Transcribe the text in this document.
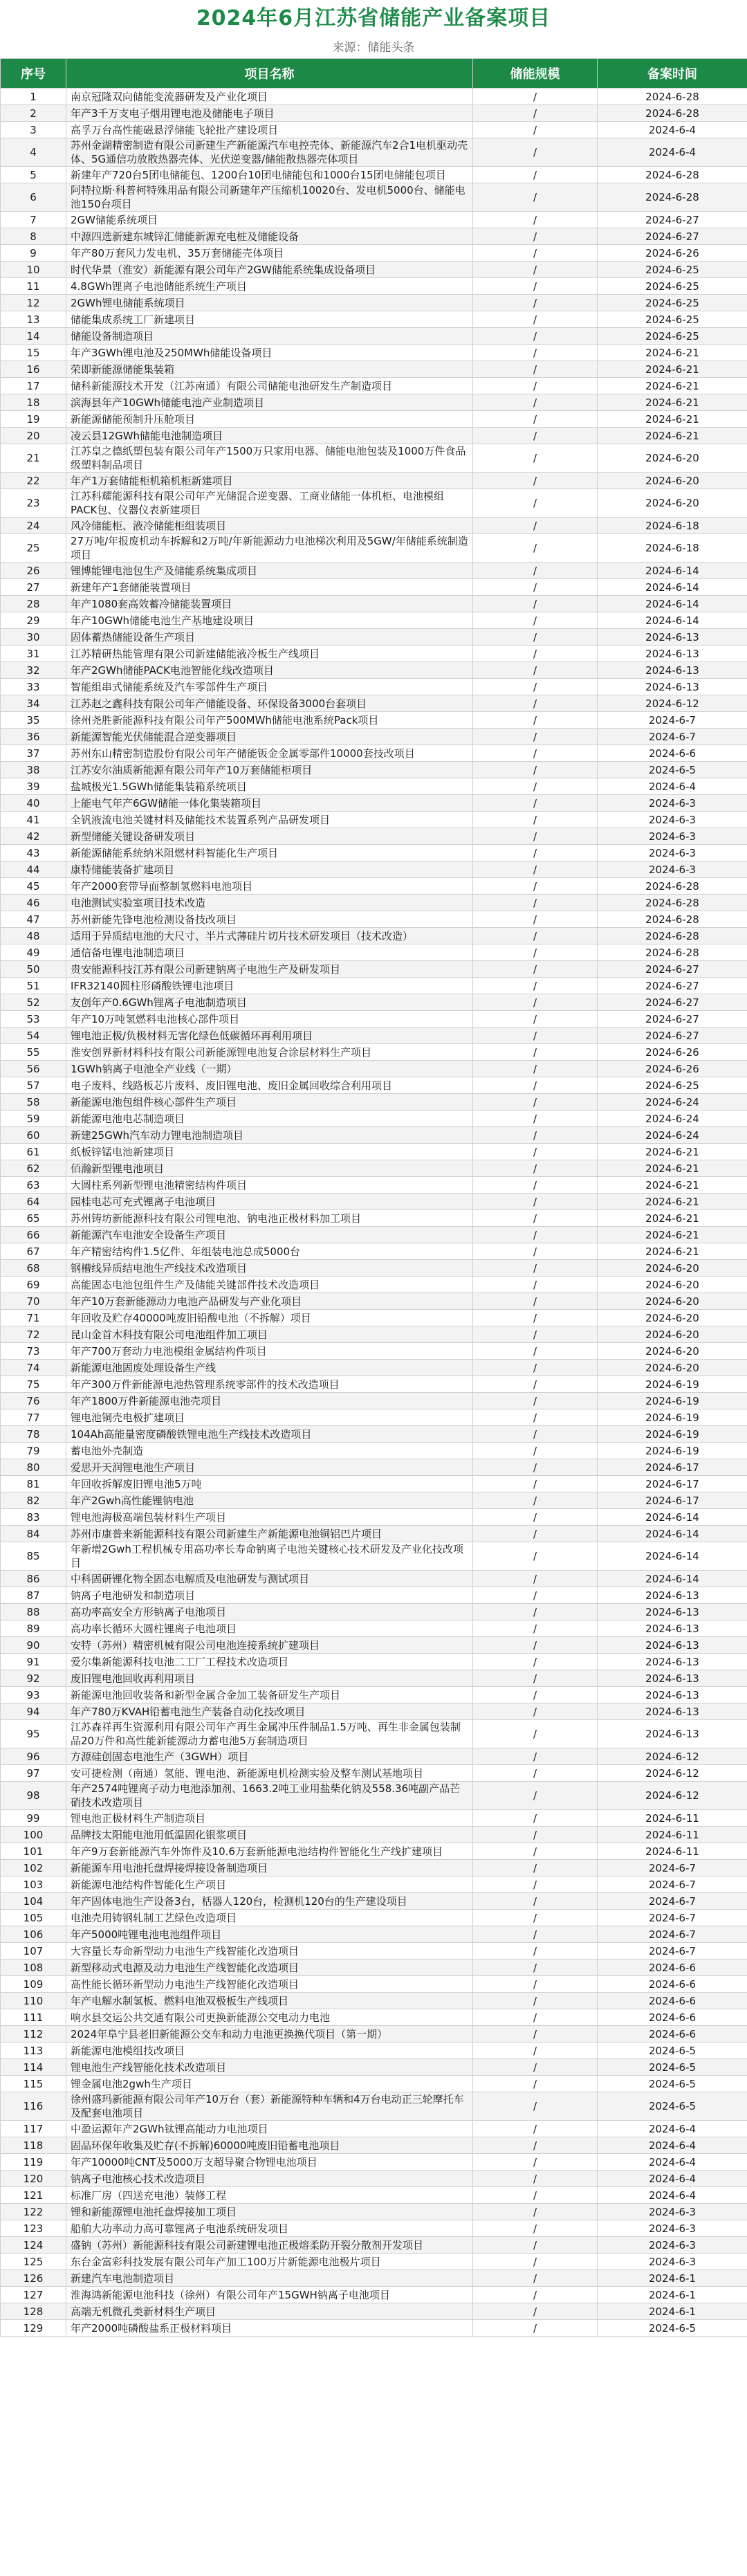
2024年6月江苏省储能产业备案项目
来源：储能头条
序号	项目名称	储能规模	备案时间
1	南京冠隆双向储能变流器研发及产业化项目	/	2024-6-28
2	年产3千万支电子烟用锂电池及储能电子项目	/	2024-6-28
3	高孚万台高性能磁悬浮储能飞轮批产建设项目	/	2024-6-4
4	苏州金湖精密制造有限公司新建生产新能源汽车电控壳体、新能源汽车2合1电机驱动壳体、5G通信功放散热器壳体、光伏逆变器/储能散热器壳体项目	/	2024-6-4
5	新建年产720台5团电储能包、1200台10团电储能包和1000台15团电储能包项目	/	2024-6-28
6	阿特拉斯·科普柯特殊用品有限公司新建年产压缩机10020台、发电机5000台、储能电池150台项目	/	2024-6-28
7	2GW储能系统项目	/	2024-6-27
8	中源四选新建东城锌汇储能新源充电桩及储能设备	/	2024-6-27
9	年产80万套风力发电机、35万套储能壳体项目	/	2024-6-26
10	时代华景（淮安）新能源有限公司年产2GW储能系统集成设备项目	/	2024-6-25
11	4.8GWh锂离子电池储能系统生产项目	/	2024-6-25
12	2GWh锂电储能系统项目	/	2024-6-25
13	储能集成系统工厂新建项目	/	2024-6-25
14	储能设备制造项目	/	2024-6-25
15	年产3GWh锂电池及250MWh储能设备项目	/	2024-6-21
16	荣即新能源储能集装箱	/	2024-6-21
17	储科新能源技术开发（江苏南通）有限公司储能电池研发生产制造项目	/	2024-6-21
18	滨海县年产10GWh储能电池产业制造项目	/	2024-6-21
19	新能源储能预制升压舱项目	/	2024-6-21
20	凌云县12GWh储能电池制造项目	/	2024-6-21
21	江苏皇之德纸塑包装有限公司年产1500万只家用电器、储能电池包装及1000万件食品级塑料制品项目	/	2024-6-20
22	年产1万套储能柜机箱机柜新建项目	/	2024-6-20
23	江苏科耀能源科技有限公司年产光储混合逆变器、工商业储能一体机柜、电池模组PACK包、仪器仪表新建项目	/	2024-6-20
24	风冷储能柜、液冷储能柜组装项目	/	2024-6-18
25	27万吨/年报废机动车拆解和2万吨/年新能源动力电池梯次利用及5GW/年储能系统制造项目	/	2024-6-18
26	锂博能锂电池包生产及储能系统集成项目	/	2024-6-14
27	新建年产1套储能装置项目	/	2024-6-14
28	年产1080套高效蓄冷储能装置项目	/	2024-6-14
29	年产10GWh储能电池生产基地建设项目	/	2024-6-14
30	固体蓄热储能设备生产项目	/	2024-6-13
31	江苏精研热能管理有限公司新建储能液冷板生产线项目	/	2024-6-13
32	年产2GWh储能PACK电池智能化线改造项目	/	2024-6-13
33	智能组串式储能系统及汽车零部件生产项目	/	2024-6-13
34	江苏赵之鑫科技有限公司年产储能设备、环保设备3000台套项目	/	2024-6-12
35	徐州尧胜新能源科技有限公司年产500MWh储能电池系统Pack项目	/	2024-6-7
36	新能源智能光伏储能混合逆变器项目	/	2024-6-7
37	苏州东山精密制造股份有限公司年产储能钣金金属零部件10000套技改项目	/	2024-6-6
38	江苏安尔油质新能源有限公司年产10万套储能柜项目	/	2024-6-5
39	盐城极光1.5GWh储能集装箱系统项目	/	2024-6-4
40	上能电气年产6GW储能一体化集装箱项目	/	2024-6-3
41	全钒液流电池关键材料及储能技术装置系列产品研发项目	/	2024-6-3
42	新型储能关键设备研发项目	/	2024-6-3
43	新能源储能系统纳米阻燃材料智能化生产项目	/	2024-6-3
44	康特储能装备扩建项目	/	2024-6-3
45	年产2000套带导面整制氢燃料电池项目	/	2024-6-28
46	电池测试实验室项目技术改造	/	2024-6-28
47	苏州新能先锋电池检测设备技改项目	/	2024-6-28
48	适用于异质结电池的大尺寸、半片式薄硅片切片技术研发项目（技术改造）	/	2024-6-28
49	通信备电锂电池制造项目	/	2024-6-28
50	贵安能源科技江苏有限公司新建钠离子电池生产及研发项目	/	2024-6-27
51	IFR32140圆柱形磷酸铁锂电池项目	/	2024-6-27
52	友创年产0.6GWh锂离子电池制造项目	/	2024-6-27
53	年产10万吨氢燃料电池核心部件项目	/	2024-6-27
54	锂电池正极/负极材料无害化绿色低碳循环再利用项目	/	2024-6-27
55	淮安创界新材料科技有限公司新能源锂电池复合涂层材料生产项目	/	2024-6-26
56	1GWh钠离子电池全产业线（一期）	/	2024-6-26
57	电子废料、线路板芯片废料、废旧锂电池、废旧金属回收综合利用项目	/	2024-6-25
58	新能源电池包组件核心部件生产项目	/	2024-6-24
59	新能源电池电芯制造项目	/	2024-6-24
60	新建25GWh汽车动力锂电池制造项目	/	2024-6-24
61	纸板锌锰电池新建项目	/	2024-6-21
62	佰瀚新型锂电池项目	/	2024-6-21
63	大圆柱系列新型锂电池精密结构件项目	/	2024-6-21
64	园桂电芯可充式锂离子电池项目	/	2024-6-21
65	苏州铸坊新能源科技有限公司锂电池、钠电池正极材料加工项目	/	2024-6-21
66	新能源汽车电池安全设备生产项目	/	2024-6-21
67	年产精密结构件1.5亿件、年组装电池总成5000台	/	2024-6-21
68	钢槽线异质结电池生产线技术改造项目	/	2024-6-20
69	高能固态电池包组件生产及储能关键部件技术改造项目	/	2024-6-20
70	年产10万套新能源动力电池产品研发与产业化项目	/	2024-6-20
71	年回收及贮存40000吨废旧铅酸电池（不拆解）项目	/	2024-6-20
72	昆山金首木科技有限公司电池组件加工项目	/	2024-6-20
73	年产700万套动力电池模组金属结构件项目	/	2024-6-20
74	新能源电池固废处理设备生产线	/	2024-6-20
75	年产300万件新能源电池热管理系统零部件的技术改造项目	/	2024-6-19
76	年产1800万件新能源电池壳项目	/	2024-6-19
77	锂电池铜壳电极扩建项目	/	2024-6-19
78	104Ah高能量密度磷酸铁锂电池生产线技术改造项目	/	2024-6-19
79	蓄电池外壳制造	/	2024-6-19
80	爱思开天润锂电池生产项目	/	2024-6-17
81	年回收拆解废旧锂电池5万吨	/	2024-6-17
82	年产2Gwh高性能锂钠电池	/	2024-6-17
83	锂电池海极高端包装材料生产项目	/	2024-6-14
84	苏州市康普来新能源科技有限公司新建生产新能源电池铜铝巴片项目	/	2024-6-14
85	年新增2Gwh工程机械专用高功率长寿命钠离子电池关键核心技术研发及产业化技改项目	/	2024-6-14
86	中科固研锂化物全固态电解质及电池研发与测试项目	/	2024-6-14
87	钠离子电池研发和制造项目	/	2024-6-13
88	高功率高安全方形钠离子电池项目	/	2024-6-13
89	高功率长循环大圆柱锂离子电池项目	/	2024-6-13
90	安特（苏州）精密机械有限公司电池连接系统扩建项目	/	2024-6-13
91	爱尔集新能源科技电池二工厂工程技术改造项目	/	2024-6-13
92	废旧锂电池回收再利用项目	/	2024-6-13
93	新能源电池回收装备和新型金属合金加工装备研发生产项目	/	2024-6-13
94	年产780万KVAH铅蓄电池生产装备自动化技改项目	/	2024-6-13
95	江苏森祥再生资源利用有限公司年产再生金属冲压件制品1.5万吨、再生非金属包装制品20万件和高性能新能源动力蓄电池5万套制造项目	/	2024-6-13
96	方源硅创固态电池生产（3GWH）项目	/	2024-6-12
97	安可捷检测（南通）氢能、锂电池、新能源电机检测实验及整车测试基地项目	/	2024-6-12
98	年产2574吨锂离子动力电池添加剂、1663.2吨工业用盐柴化钠及558.36吨副产品芒硝技术改造项目	/	2024-6-12
99	锂电池正极材料生产制造项目	/	2024-6-11
100	品牌技太阳能电池用低温固化银浆项目	/	2024-6-11
101	年产9万套新能源汽车外饰件及10.6万套新能源电池结构件智能化生产线扩建项目	/	2024-6-11
102	新能源车用电池托盘焊接焊接设备制造项目	/	2024-6-7
103	新能源电池结构件智能化生产项目	/	2024-6-7
104	年产固体电池生产设备3台，栝器人120台，检测机120台的生产建设项目	/	2024-6-7
105	电池壳用铸钢轧制工艺绿色改造项目	/	2024-6-7
106	年产5000吨锂电池电池组件项目	/	2024-6-7
107	大容量长寿命新型动力电池生产线智能化改造项目	/	2024-6-7
108	新型移动式电源及动力电池生产线智能化改造项目	/	2024-6-6
109	高性能长循环新型动力电池生产线智能化改造项目	/	2024-6-6
110	年产电解水制氢板、燃料电池双极板生产线项目	/	2024-6-6
111	响水县交运公共交通有限公司更换新能源公交电动力电池	/	2024-6-6
112	2024年阜宁县老旧新能源公交车和动力电池更换换代项目（第一期）	/	2024-6-6
113	新能源电池模组技改项目	/	2024-6-5
114	锂电池生产线智能化技术改造项目	/	2024-6-5
115	锂金属电池2gwh生产项目	/	2024-6-5
116	徐州盛玛新能源有限公司年产10万台（套）新能源特种车辆和4万台电动正三轮摩托车及配套电池项目	/	2024-6-5
117	中盈运源年产2GWh钛锂高能动力电池项目	/	2024-6-4
118	固品环保年收集及贮存(不拆解)60000吨废旧铅蓄电池项目	/	2024-6-4
119	年产10000吨CNT及5000万支超导聚合物锂电池项目	/	2024-6-4
120	钠离子电池核心技术改造项目	/	2024-6-4
121	标准厂房（四送充电池）装修工程	/	2024-6-4
122	锂和新能源锂电池托盘焊接加工项目	/	2024-6-3
123	船舶大功率动力高可靠锂离子电池系统研发项目	/	2024-6-3
124	盛钠（苏州）新能源科技有限公司新建锂电池正极熔柔防开裂分散剂开发项目	/	2024-6-3
125	东台金富彩科技发展有限公司年产加工100万片新能源电池极片项目	/	2024-6-3
126	新建汽车电池制造项目	/	2024-6-1
127	淮海鸿新能源电池科技（徐州）有限公司年产15GWH钠离子电池项目	/	2024-6-1
128	高端无机微孔类新材料生产项目	/	2024-6-1
129	年产2000吨磷酸盐系正极材料项目	/	2024-6-5
